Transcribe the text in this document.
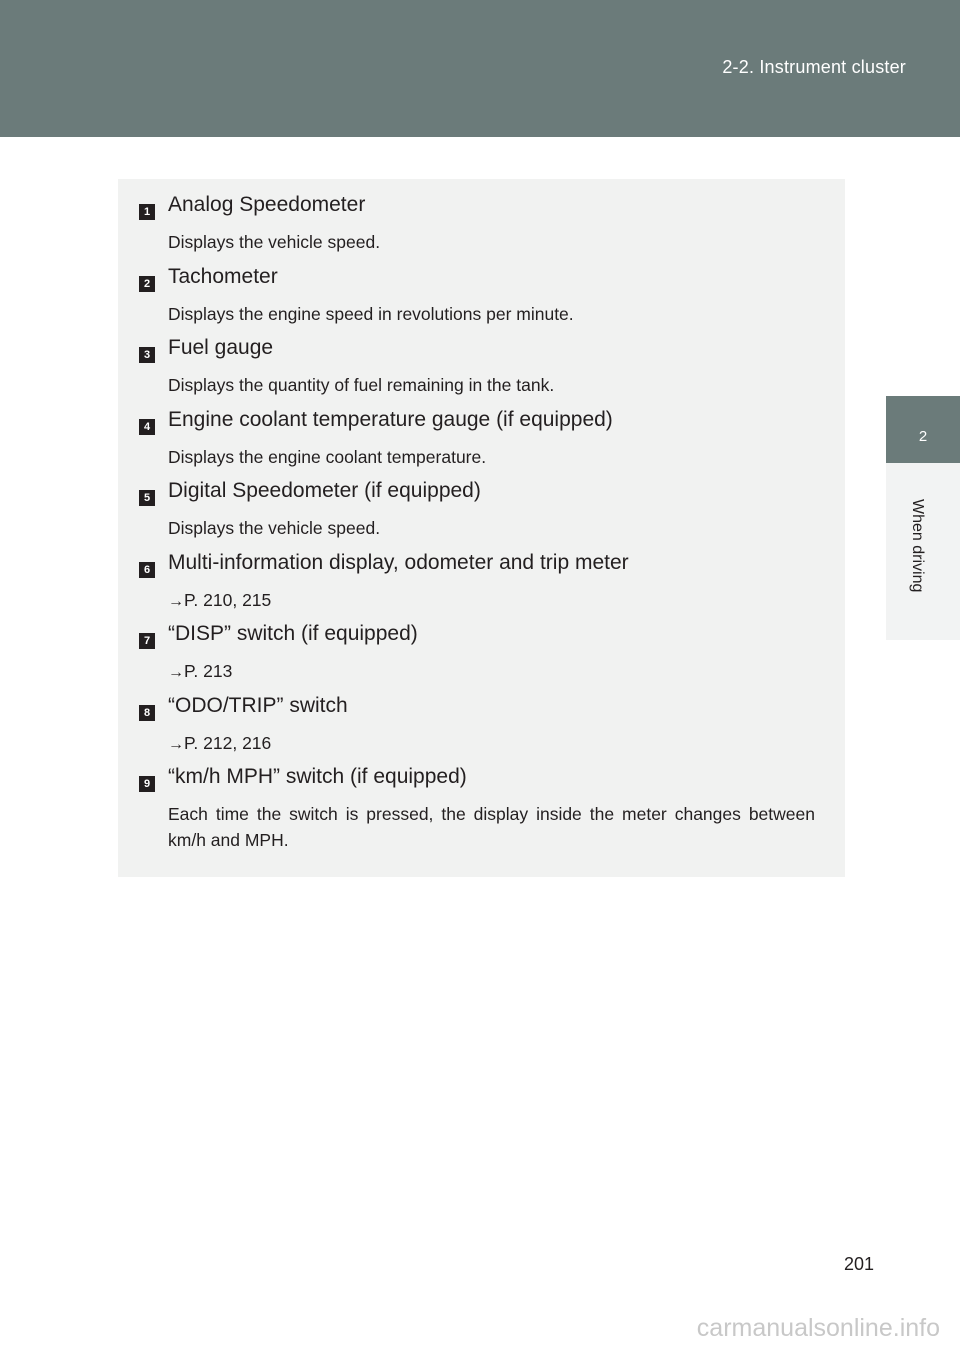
2-2. Instrument cluster
2
When driving
1 Analog Speedometer
Displays the vehicle speed.
2 Tachometer
Displays the engine speed in revolutions per minute.
3 Fuel gauge
Displays the quantity of fuel remaining in the tank.
4 Engine coolant temperature gauge (if equipped)
Displays the engine coolant temperature.
5 Digital Speedometer (if equipped)
Displays the vehicle speed.
6 Multi-information display, odometer and trip meter
→P. 210, 215
7 “DISP” switch (if equipped)
→P. 213
8 “ODO/TRIP” switch
→P. 212, 216
9 “km/h MPH” switch (if equipped)
Each time the switch is pressed, the display inside the meter changes between km/h and MPH.
201
carmanualsonline.info
